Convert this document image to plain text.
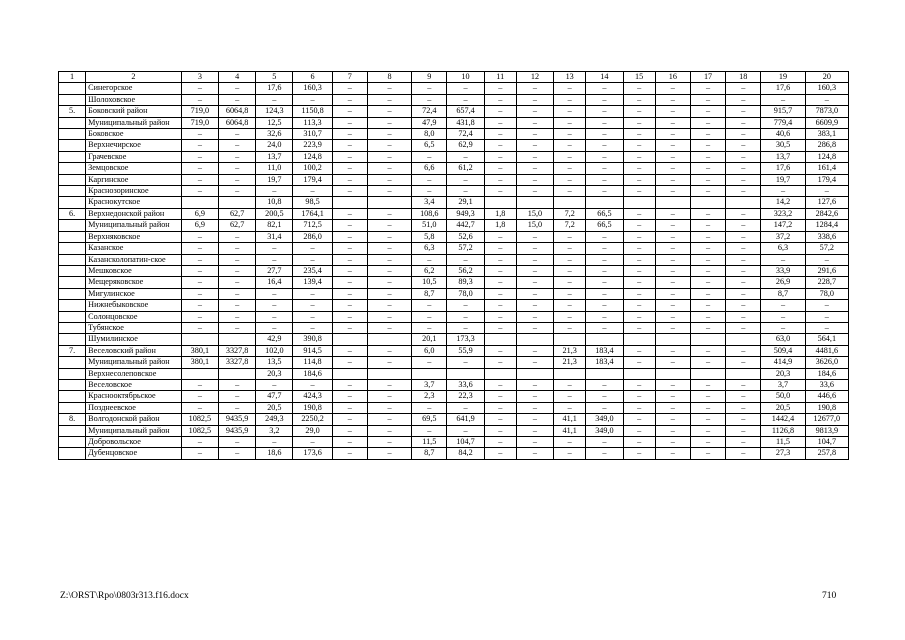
1	2	3	4	5	6	7	8	9	10	11	12	13	14	15	16	17	18	19	20
	Синегорское	–	–	17,6	160,3	–	–	–	–	–	–	–	–	–	–	–	–	17,6	160,3
	Шолоховское	–	–	–	–	–	–	–	–	–	–	–	–	–	–	–	–	–	–
5.	Боковский район	719,0	6064,8	124,3	1150,8	–	–	72,4	657,4	–	–	–	–	–	–	–	–	915,7	7873,0
	Муниципальный район	719,0	6064,8	12,5	113,3	–	–	47,9	431,8	–	–	–	–	–	–	–	–	779,4	6609,9
	Боковское	–	–	32,6	310,7	–	–	8,0	72,4	–	–	–	–	–	–	–	–	40,6	383,1
	Верхнечирское	–	–	24,0	223,9	–	–	6,5	62,9	–	–	–	–	–	–	–	–	30,5	286,8
	Грачевское	–	–	13,7	124,8	–	–	–	–	–	–	–	–	–	–	–	–	13,7	124,8
	Земцовское	–	–	11,0	100,2	–	–	6,6	61,2	–	–	–	–	–	–	–	–	17,6	161,4
	Каргинское	–	–	19,7	179,4	–	–	–	–	–	–	–	–	–	–	–	–	19,7	179,4
	Краснозоринское	–	–	–	–	–	–	–	–	–	–	–	–	–	–	–	–	–	–
	Краснокутское			10,8	98,5			3,4	29,1									14,2	127,6
6.	Верхнедонской район	6,9	62,7	200,5	1764,1	–	–	108,6	949,3	1,8	15,0	7,2	66,5	–	–	–	–	323,2	2842,6
	Муниципальный район	6,9	62,7	82,1	712,5	–	–	51,0	442,7	1,8	15,0	7,2	66,5	–	–	–	–	147,2	1284,4
	Верхняковское	–	–	31,4	286,0	–	–	5,8	52,6	–	–	–	–	–	–	–	–	37,2	338,6
	Казанское	–	–	–	–	–	–	6,3	57,2	–	–	–	–	–	–	–	–	6,3	57,2
	Казансколопатин-ское	–	–	–	–	–	–	–	–	–	–	–	–	–	–	–	–	–	–
	Мешковское	–	–	27,7	235,4	–	–	6,2	56,2	–	–	–	–	–	–	–	–	33,9	291,6
	Мещеряковское	–	–	16,4	139,4	–	–	10,5	89,3	–	–	–	–	–	–	–	–	26,9	228,7
	Мигулинское	–	–	–	–	–	–	8,7	78,0	–	–	–	–	–	–	–	–	8,7	78,0
	Нижнебыковское	–	–	–	–	–	–	–	–	–	–	–	–	–	–	–	–	–	–
	Солонцовское	–	–	–	–	–	–	–	–	–	–	–	–	–	–	–	–	–	–
	Тубянское	–	–	–	–	–	–	–	–	–	–	–	–	–	–	–	–	–	–
	Шумилинское			42,9	390,8			20,1	173,3									63,0	564,1
7.	Веселовский район	380,1	3327,8	102,0	914,5	–	–	6,0	55,9	–	–	21,3	183,4	–	–	–	–	509,4	4481,6
	Муниципальный район	380,1	3327,8	13,5	114,8	–	–	–	–	–	–	21,3	183,4	–	–	–	–	414,9	3626,0
	Верхнесолеповское			20,3	184,6													20,3	184,6
	Веселовское	–	–	–	–	–	–	3,7	33,6	–	–	–	–	–	–	–	–	3,7	33,6
	Краснооктябрьское	–	–	47,7	424,3	–	–	2,3	22,3	–	–	–	–	–	–	–	–	50,0	446,6
	Позднеевское	–	–	20,5	190,8	–	–	–	–	–	–	–	–	–	–	–	–	20,5	190,8
8.	Волгодонской район	1082,5	9435,9	249,3	2250,2	–	–	69,5	641,9	–	–	41,1	349,0	–	–	–	–	1442,4	12677,0
	Муниципальный район	1082,5	9435,9	3,2	29,0	–	–	–	–	–	–	41,1	349,0	–	–	–	–	1126,8	9813,9
	Добровольское	–	–	–	–	–	–	11,5	104,7	–	–	–	–	–	–	–	–	11,5	104,7
	Дубенцовское	–	–	18,6	173,6	–	–	8,7	84,2	–	–	–	–	–	–	–	–	27,3	257,8
Z:\ORST\Rpo\0803r313.f16.docx	710
